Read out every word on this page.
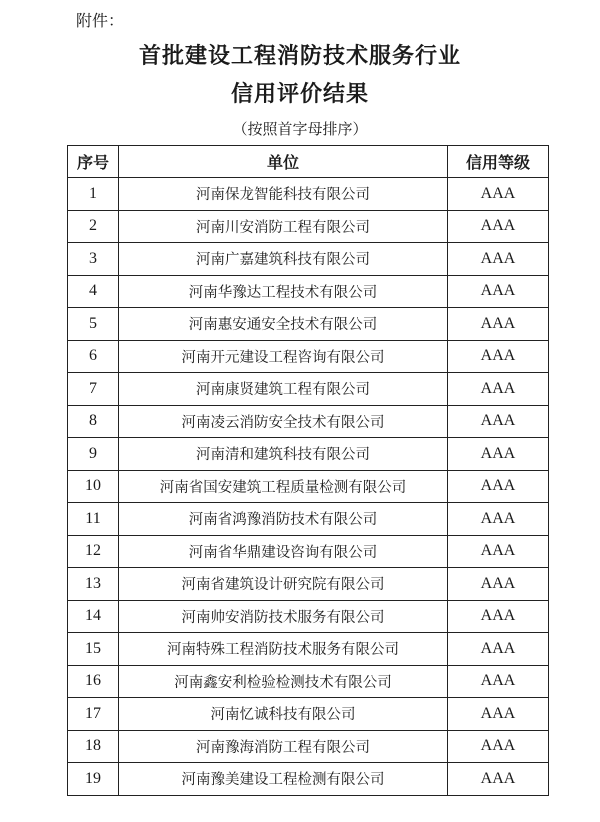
附件：
首批建设工程消防技术服务行业
信用评价结果
（按照首字母排序）
序号	单位	信用等级
1	河南保龙智能科技有限公司	AAA
2	河南川安消防工程有限公司	AAA
3	河南广嘉建筑科技有限公司	AAA
4	河南华豫达工程技术有限公司	AAA
5	河南惠安通安全技术有限公司	AAA
6	河南开元建设工程咨询有限公司	AAA
7	河南康贤建筑工程有限公司	AAA
8	河南凌云消防安全技术有限公司	AAA
9	河南清和建筑科技有限公司	AAA
10	河南省国安建筑工程质量检测有限公司	AAA
11	河南省鸿豫消防技术有限公司	AAA
12	河南省华鼎建设咨询有限公司	AAA
13	河南省建筑设计研究院有限公司	AAA
14	河南帅安消防技术服务有限公司	AAA
15	河南特殊工程消防技术服务有限公司	AAA
16	河南鑫安利检验检测技术有限公司	AAA
17	河南忆诚科技有限公司	AAA
18	河南豫海消防工程有限公司	AAA
19	河南豫美建设工程检测有限公司	AAA
